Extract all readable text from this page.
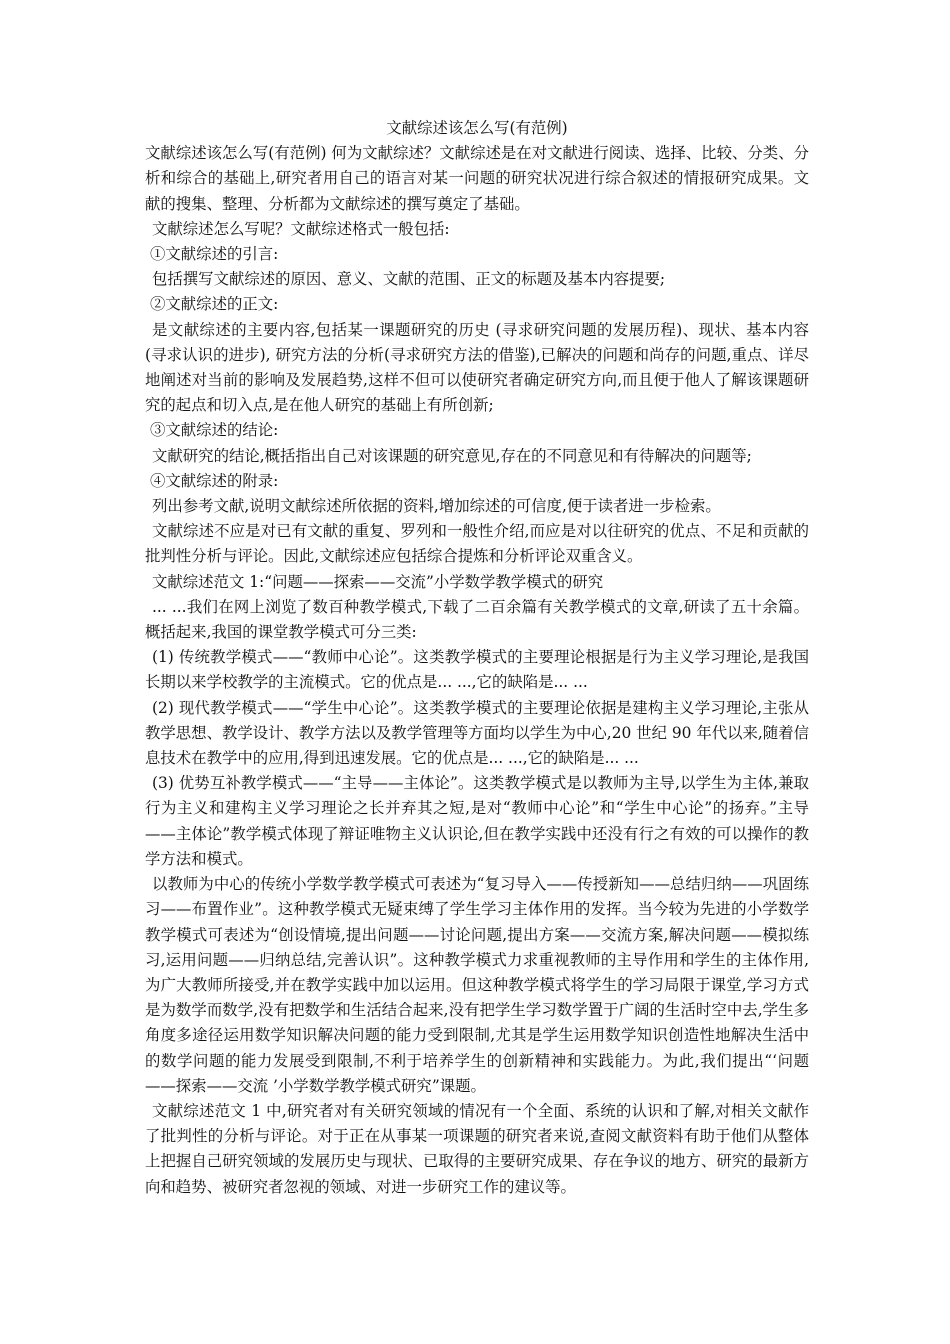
文献综述该怎么写(有范例)

文献综述该怎么写(有范例) 何为文献综述？文献综述是在对文献进行阅读、选择、比较、分类、分析和综合的基础上,研究者用自己的语言对某一问题的研究状况进行综合叙述的情报研究成果。文献的搜集、整理、分析都为文献综述的撰写奠定了基础。

文献综述怎么写呢？文献综述格式一般包括:

①文献综述的引言:

包括撰写文献综述的原因、意义、文献的范围、正文的标题及基本内容提要;

②文献综述的正文:

是文献综述的主要内容,包括某一课题研究的历史 (寻求研究问题的发展历程)、现状、基本内容 (寻求认识的进步), 研究方法的分析(寻求研究方法的借鉴),已解决的问题和尚存的问题,重点、详尽地阐述对当前的影响及发展趋势,这样不但可以使研究者确定研究方向,而且便于他人了解该课题研究的起点和切入点,是在他人研究的基础上有所创新;

③文献综述的结论:

文献研究的结论,概括指出自己对该课题的研究意见,存在的不同意见和有待解决的问题等;

④文献综述的附录:

列出参考文献,说明文献综述所依据的资料,增加综述的可信度,便于读者进一步检索。

文献综述不应是对已有文献的重复、罗列和一般性介绍,而应是对以往研究的优点、不足和贡献的批判性分析与评论。因此,文献综述应包括综合提炼和分析评论双重含义。

文献综述范文 1:“问题——探索——交流”小学数学教学模式的研究

... ...我们在网上浏览了数百种教学模式,下载了二百余篇有关教学模式的文章,研读了五十余篇。概括起来,我国的课堂教学模式可分三类:

(1) 传统教学模式——“教师中心论”。这类教学模式的主要理论根据是行为主义学习理论,是我国长期以来学校教学的主流模式。它的优点是... ...,它的缺陷是... ...

(2) 现代教学模式——“学生中心论”。这类教学模式的主要理论依据是建构主义学习理论,主张从教学思想、教学设计、教学方法以及教学管理等方面均以学生为中心,20 世纪 90 年代以来,随着信息技术在教学中的应用,得到迅速发展。它的优点是... ...,它的缺陷是... ...

(3) 优势互补教学模式——“主导——主体论”。这类教学模式是以教师为主导,以学生为主体,兼取行为主义和建构主义学习理论之长并弃其之短,是对“教师中心论”和“学生中心论”的扬弃。”主导——主体论”教学模式体现了辩证唯物主义认识论,但在教学实践中还没有行之有效的可以操作的教学方法和模式。

以教师为中心的传统小学数学教学模式可表述为“复习导入——传授新知——总结归纳——巩固练习——布置作业”。这种教学模式无疑束缚了学生学习主体作用的发挥。当今较为先进的小学数学教学模式可表述为“创设情境,提出问题——讨论问题,提出方案——交流方案,解决问题——模拟练习,运用问题——归纳总结,完善认识”。这种教学模式力求重视教师的主导作用和学生的主体作用,为广大教师所接受,并在教学实践中加以运用。但这种教学模式将学生的学习局限于课堂,学习方式是为数学而数学,没有把数学和生活结合起来,没有把学生学习数学置于广阔的生活时空中去,学生多角度多途径运用数学知识解决问题的能力受到限制,尤其是学生运用数学知识创造性地解决生活中的数学问题的能力发展受到限制,不利于培养学生的创新精神和实践能力。为此,我们提出“‘问题——探索——交流 ’小学数学教学模式研究”课题。

文献综述范文 1 中,研究者对有关研究领域的情况有一个全面、系统的认识和了解,对相关文献作了批判性的分析与评论。对于正在从事某一项课题的研究者来说,查阅文献资料有助于他们从整体上把握自己研究领域的发展历史与现状、已取得的主要研究成果、存在争议的地方、研究的最新方向和趋势、被研究者忽视的领域、对进一步研究工作的建议等。
